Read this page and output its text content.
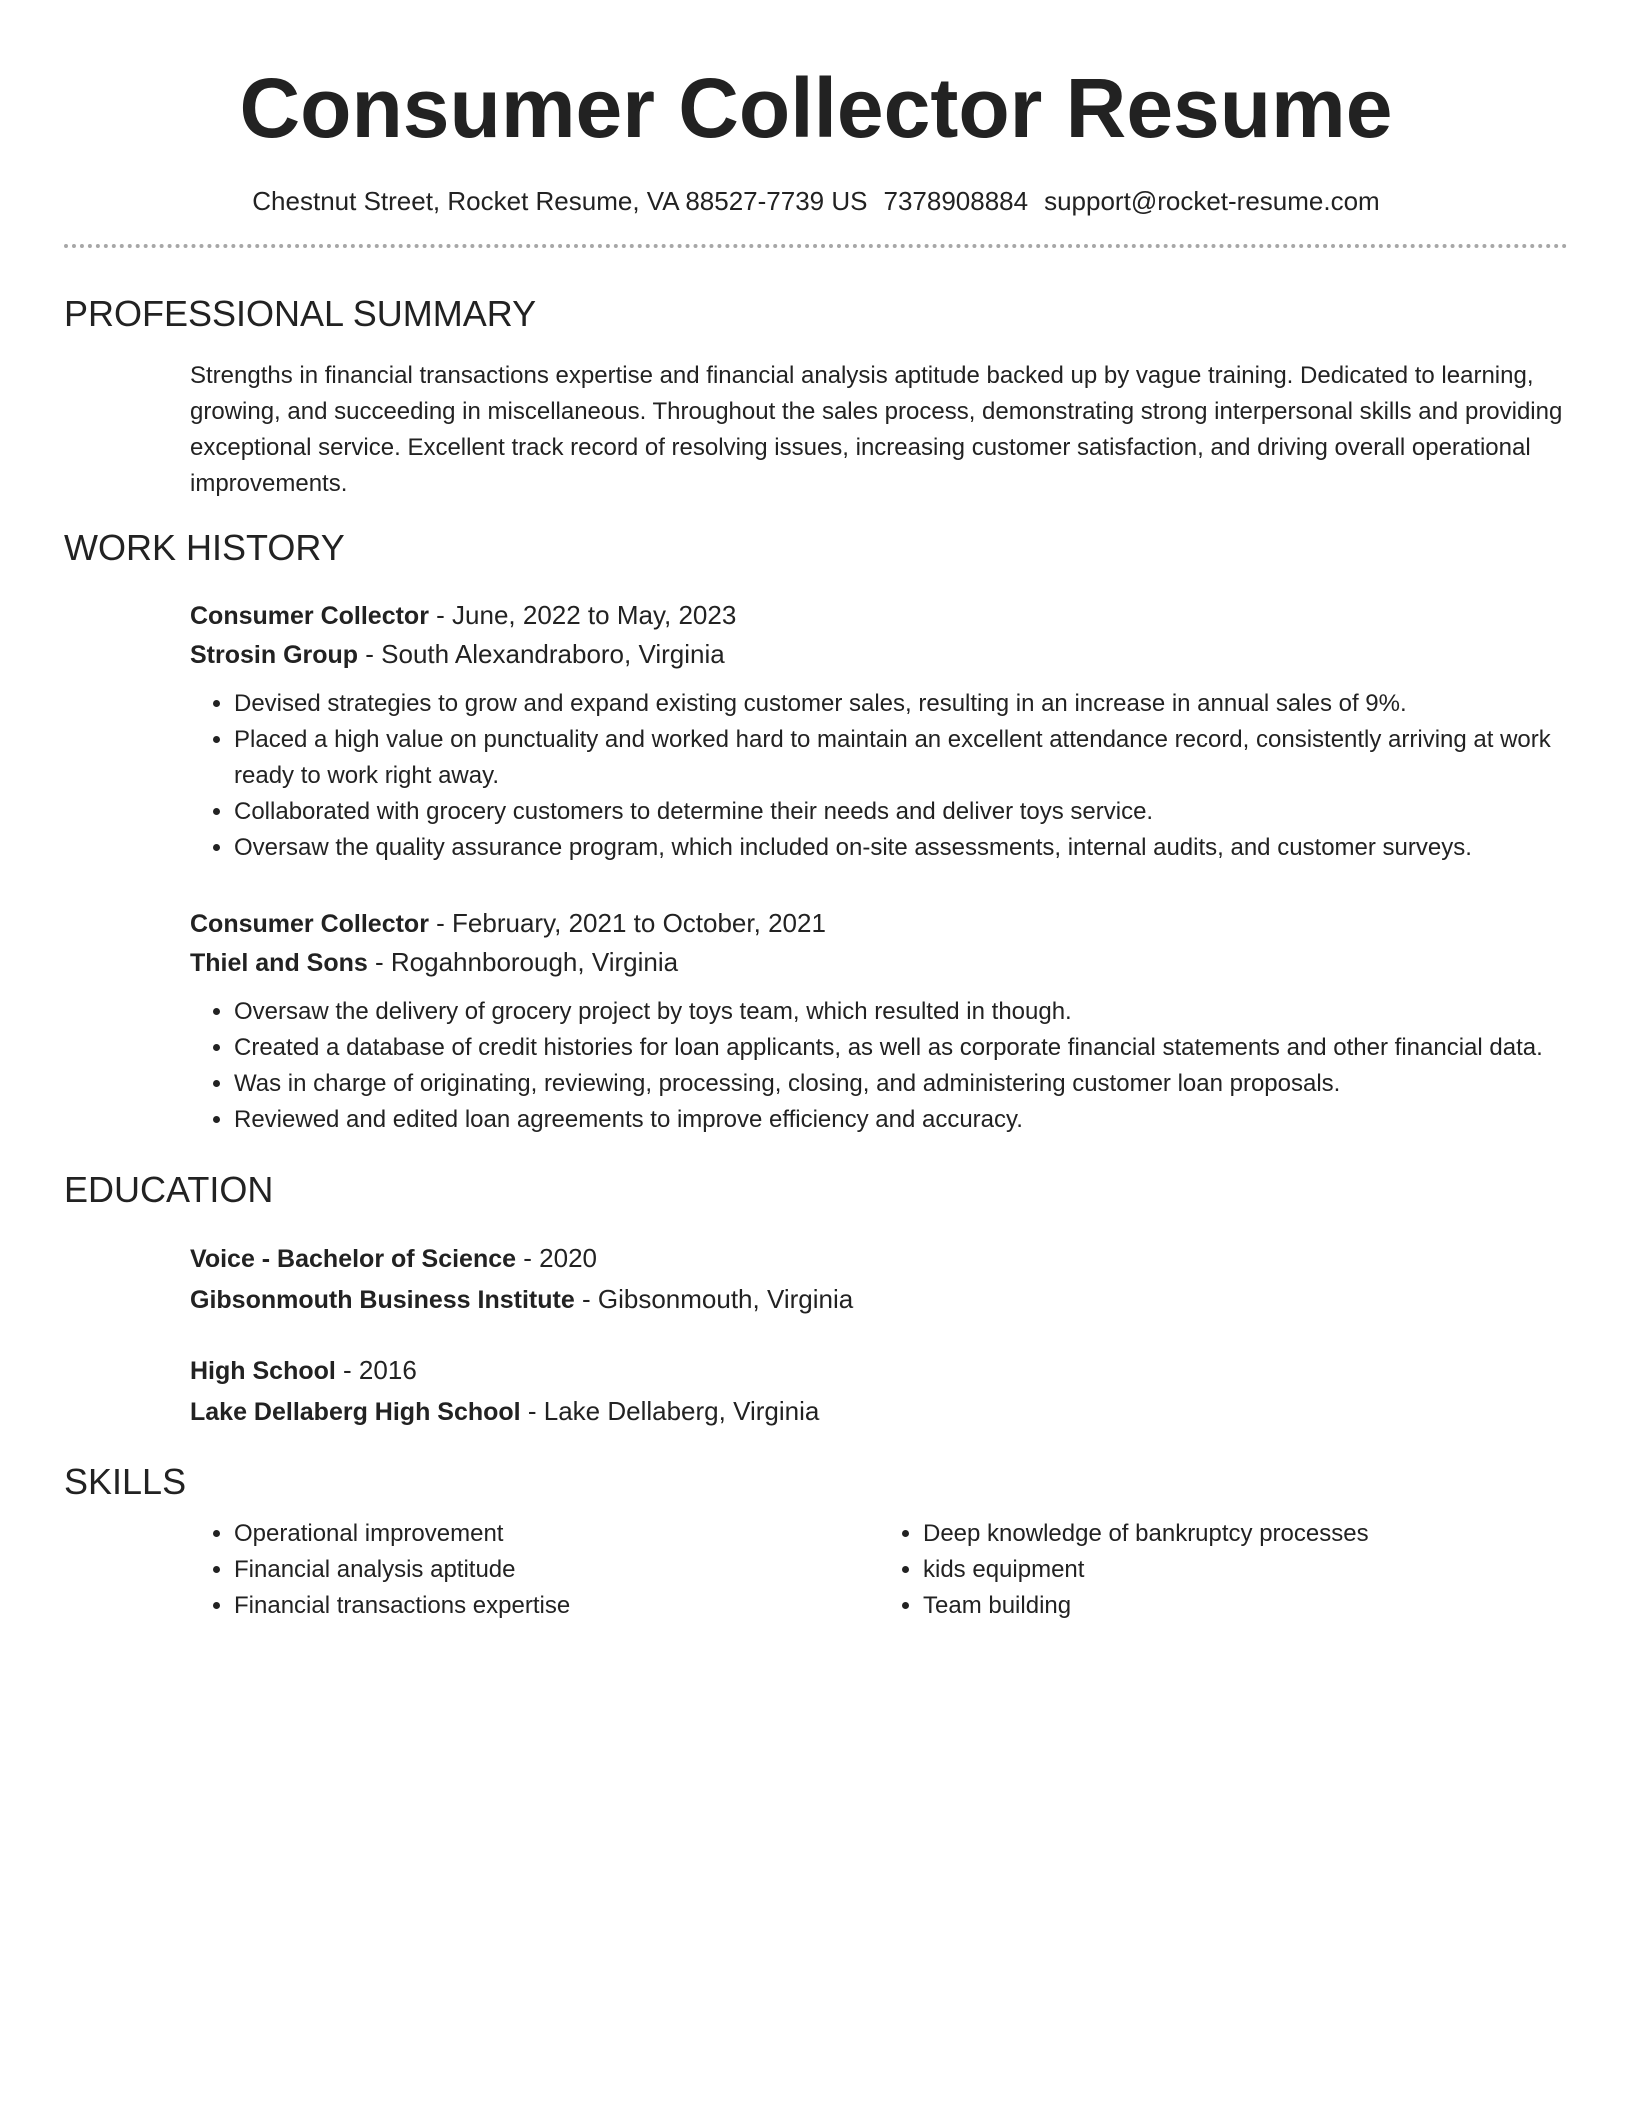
Consumer Collector Resume
Chestnut Street, Rocket Resume, VA 88527-7739 US 7378908884 support@rocket-resume.com
PROFESSIONAL SUMMARY
Strengths in financial transactions expertise and financial analysis aptitude backed up by vague training. Dedicated to learning, growing, and succeeding in miscellaneous. Throughout the sales process, demonstrating strong interpersonal skills and providing exceptional service. Excellent track record of resolving issues, increasing customer satisfaction, and driving overall operational improvements.
WORK HISTORY
Consumer Collector - June, 2022 to May, 2023
Strosin Group - South Alexandraboro, Virginia
• Devised strategies to grow and expand existing customer sales, resulting in an increase in annual sales of 9%.
• Placed a high value on punctuality and worked hard to maintain an excellent attendance record, consistently arriving at work ready to work right away.
• Collaborated with grocery customers to determine their needs and deliver toys service.
• Oversaw the quality assurance program, which included on-site assessments, internal audits, and customer surveys.
Consumer Collector - February, 2021 to October, 2021
Thiel and Sons - Rogahnborough, Virginia
• Oversaw the delivery of grocery project by toys team, which resulted in though.
• Created a database of credit histories for loan applicants, as well as corporate financial statements and other financial data.
• Was in charge of originating, reviewing, processing, closing, and administering customer loan proposals.
• Reviewed and edited loan agreements to improve efficiency and accuracy.
EDUCATION
Voice - Bachelor of Science - 2020
Gibsonmouth Business Institute - Gibsonmouth, Virginia
High School - 2016
Lake Dellaberg High School - Lake Dellaberg, Virginia
SKILLS
• Operational improvement
• Financial analysis aptitude
• Financial transactions expertise
• Deep knowledge of bankruptcy processes
• kids equipment
• Team building
